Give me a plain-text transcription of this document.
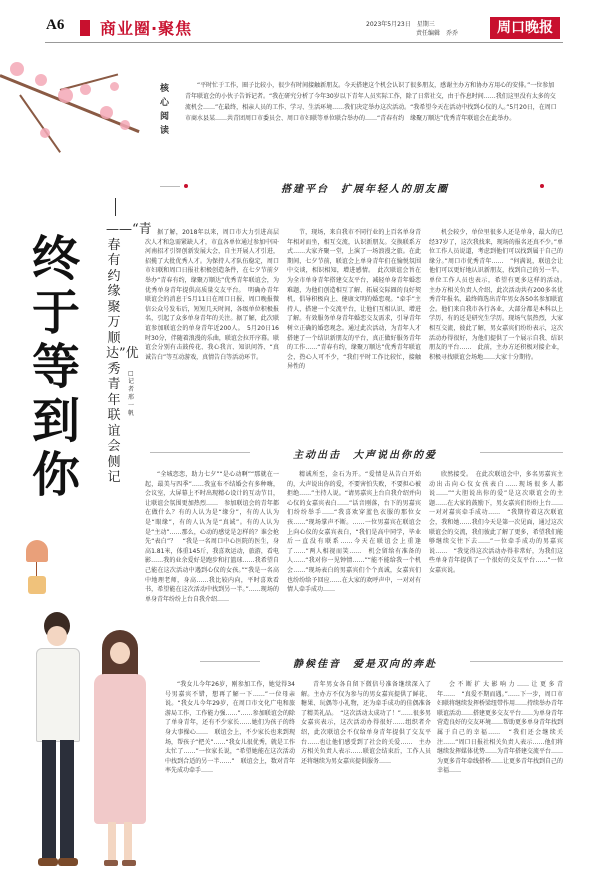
A6 商业圈·聚焦	2023年5月23日　星期三
责任编辑　乔乔	周口晚报
核心阅读
“平时忙于工作，圈子比较小，很少有时间接触新朋友。今天搭建这个机会认识了很多朋友，感谢主办方和协办方用心的安排。”一位参加青年联谊会的小伙子告诉记者。“我在研究分析了今年30岁以下青年人员实际工作，除了日常社交，由于作息时间……我们这里没有太多的交流机会……”在最终，相亲人员的工作、学习、生活环境……我们决定举办这次活动。“我希望今天在活动中找到心仪的人。”5月20日，在周口市商水县某……共青团周口市委员会、周口市妇联等单位联合举办的……“青春有约　缘聚万顺达”优秀青年联谊会在此举办。
搭建平台　扩展年轻人的朋友圈
——“青春有约　缘聚万顺达”优秀青年联谊会侧记
终于等到你
□记者　邢一帆

据了解，2018年以来，周口市大力引进高层次人才和急需紧缺人才，市直各单位通过参加中国·河南招才引智创新发展大会，自主开展人才引进，招揽了大批优秀人才。为保持人才队伍稳定，周口市妇联和周口日报社积极创造条件，在七夕节前夕举办“青春有约，缘聚万顺达”优秀青年联谊会，为优秀单身青年提供高质量交友平台。　明确办青年联谊会的消息于5月11日在周口日报、周口晚报微信公众号发布后，短短几天时间，各级单位积极报名，引起了众多单身青年的关注。据了解，此次联谊参加联谊会的单身青年近200人。　5月20日16时30分，伴随着浪漫的乐曲，联谊会拉开序幕。联谊会分别有击鼓传花、我心我言、知识问答、“真诚告白”等互动游戏，真情告白等活动环节。

节，现场，来自我市不同行业的上百名单身青年相对而坐，相互交流，认识新朋友。交换联系方式……大家齐聚一堂，上演了一场浪漫之旅。在此期间，七夕节前，联谊会上单身青年们在愉悦氛围中交谈，相识相知，增进感情。　此次联谊会旨在为全市单身青年搭建交友平台，减轻单身青年婚恋难题，为他们创造相互了解、拓展交际圈的良好契机，倡导积极向上、健康文明的婚恋观。“牵手”主持人，搭建一个交流平台，让他们互相认识、增进了解。有效服务单身青年婚恋交友需求，引导青年树立正确的婚恋观念。通过此次活动，为青年人才搭建了一个结识新朋友的平台，真正做好服务青年的工作……“青春有约，缘聚万顺达”优秀青年联谊会，热心人可不少，“我们平时工作比较忙，接触异性的

机会较少，单位里很多人还是单身，最大的已经37岁了，这次我找来，现场的报名还真不少。”单位工作人员说道，考虑到他们可以找到属于自己的缘分。”周口市优秀青年……　”何满说，联谊会让他们可以更好地认识新朋友，找到自己的另一半。单位工作人员也表示，希望有更多这样的活动。　主办方相关负责人介绍，此次活动共有200多名优秀青年报名，最终筛选出青年男女各50名参加联谊会。他们来自我市各行各业，大部分都是本科以上学历，有的还是研究生学历。现场气氛热烈，大家相互交流，彼此了解，男女嘉宾们纷纷表示，这次活动办得很好，为他们提供了一个展示自我、结识朋友的平台……　此前，主办方还积极对接企业，积极寻找联谊会场地……大家十分期待。

主动出击　大声说出你的爱

“全城恋恋，助力七夕”“是心动啊”“那就在一起，最美与四季”……我宣布不结婚会有多种嗨，会议室，大屏幕上不时出现精心设计的互动节目，让联谊会氛围更加热烈……　参加联谊会的青年都在做什么？有的人认为是“缘分”，有的人认为是“眼缘”，有的人认为是“真诚”。有的人认为是“主动”……那么，心动的感觉是怎样的？谁会抢先“表白”？　“我是一名周口中心医院的医生，身高1.81米，体重145斤，我喜欢运动，旅游，看电影……我的业余爱好是跑步和打篮球……我希望自己能在这次活动中遇到心仪的女孩。”“我是一名高中地理老师，身高……我比较内向，平时喜欢看书，希望能在这次活动中找到另一半。”……现场的单身青年纷纷上台自我介绍……

精诚所至，金石为开。“爱情是从告白开始的，大声说出你的爱，不要害怕失败，不要担心被拒绝……”主持人说。“请男嘉宾上台自我介绍并向心仪的女嘉宾表白……”话音刚落，台下的男嘉宾们纷纷举手……“我喜欢穿蓝色衣服的那位女孩……”现场掌声不断。……一位男嘉宾在联谊会上向心仪的女嘉宾表白，“我们是高中同学，毕业后一直没有联系……今天在联谊会上重逢了……”两人相视而笑……　机会留给有准备的人……“我对你一见钟情……”“能不能给我一个机会……”现场表白的男嘉宾们个个真诚，女嘉宾们也纷纷给予回应……在大家的欢呼声中，一对对有情人牵手成功……

欣然接受。　在此次联谊会中，多名男嘉宾主动出击向心仪女孩表白……现场很多人都说……”“大胆说出你的爱”是这次联谊会的主题……在大家的鼓励下，男女嘉宾们纷纷上台……一对对嘉宾牵手成功……　“我期待着这次联谊会，我和她……我们今天是第一次见面，通过这次联谊会的交流，我们彼此了解了更多，希望我们能够继续交往下去……”一位牵手成功的男嘉宾说……　“我觉得这次活动办得非常好，为我们这些单身青年提供了一个很好的交友平台……”一位女嘉宾说。

静候佳音　爱是双向的奔赴

“我女儿今年26岁，刚参加工作，她觉得34号男嘉宾不错，想再了解一下……”一位母亲说。“我女儿今年29岁，在周口市文化广电和旅游局工作，工作能力强……”……参加联谊会的除了单身青年，还有不少家长……她们为孩子的终身大事操心……　联谊会上，不少家长也来到现场，帮孩子“把关”……“我女儿很优秀，就是工作太忙了……”一位家长说，“希望她能在这次活动中找到合适的另一半……”　联谊会上，数对青年率先成功牵手……

青年男女各自留下微信号准备继续深入了解。主办方不仅为参与的男女嘉宾提供了鲜花、糖果、玩偶等小礼物，还为牵手成功的佳偶准备了精美礼品。　“这次活动太成功了！”……很多男女嘉宾表示，这次活动办得很好……组织者介绍，此次联谊会不仅给单身青年提供了交友平台……也让他们感受到了社会的关爱……　主办方相关负责人表示……联谊会结束后，工作人员还将继续为男女嘉宾提供服务……

会不断扩大影响力……让更多青年……　“真爱不期而遇。”……下一步，周口市妇联将继续发挥桥梁纽带作用……持续举办青年联谊活动……搭建更多交友平台……为单身青年营造良好的交友环境……帮助更多单身青年找到属于自己的幸福……　“我们还会继续关注……”周口日报社相关负责人表示……他们将继续发挥媒体优势……为青年搭建交流平台……为更多青年牵线搭桥……让更多青年找到自己的幸福……
